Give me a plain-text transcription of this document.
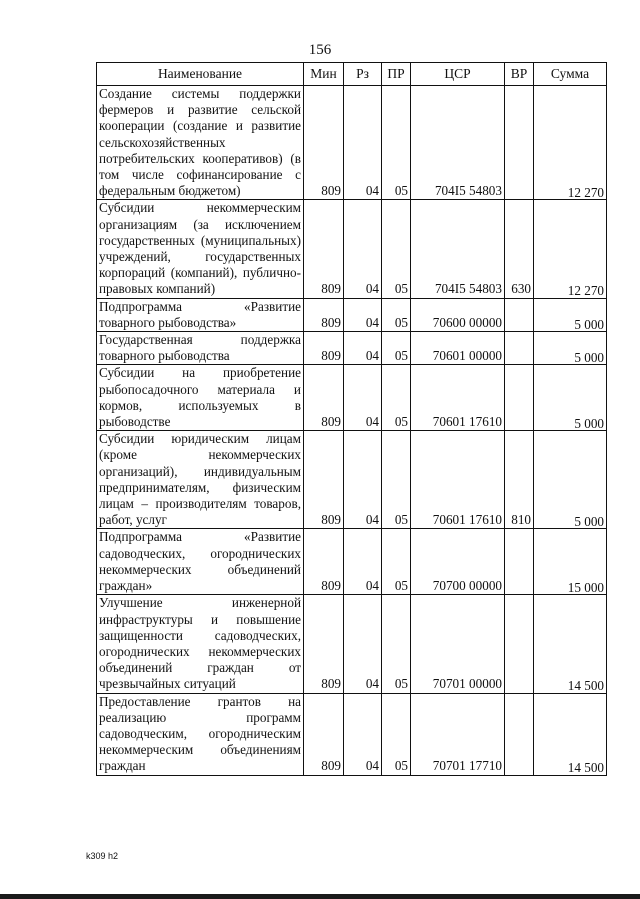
156
Наименование	Мин	Рз	ПР	ЦСР	ВР	Сумма
Создание системы поддержки фермеров и развитие сельской кооперации (создание и развитие сельскохозяйственных потребительских кооперативов) (в том числе софинансирование с федеральным бюджетом)	809	04	05	704I5 54803		12 270
Субсидии некоммерческим организациям (за исключением государственных (муниципальных) учреждений, государственных корпораций (компаний), публично-правовых компаний)	809	04	05	704I5 54803	630	12 270
Подпрограмма «Развитие товарного рыбоводства»	809	04	05	70600 00000		5 000
Государственная поддержка товарного рыбоводства	809	04	05	70601 00000		5 000
Субсидии на приобретение рыбопосадочного материала и кормов, используемых в рыбоводстве	809	04	05	70601 17610		5 000
Субсидии юридическим лицам (кроме некоммерческих организаций), индивидуальным предпринимателям, физическим лицам – производителям товаров, работ, услуг	809	04	05	70601 17610	810	5 000
Подпрограмма «Развитие садоводческих, огороднических некоммерческих объединений граждан»	809	04	05	70700 00000		15 000
Улучшение инженерной инфраструктуры и повышение защищенности садоводческих, огороднических некоммерческих объединений граждан от чрезвычайных ситуаций	809	04	05	70701 00000		14 500
Предоставление грантов на реализацию программ садоводческим, огородническим некоммерческим объединениям граждан	809	04	05	70701 17710		14 500
k309 h2
